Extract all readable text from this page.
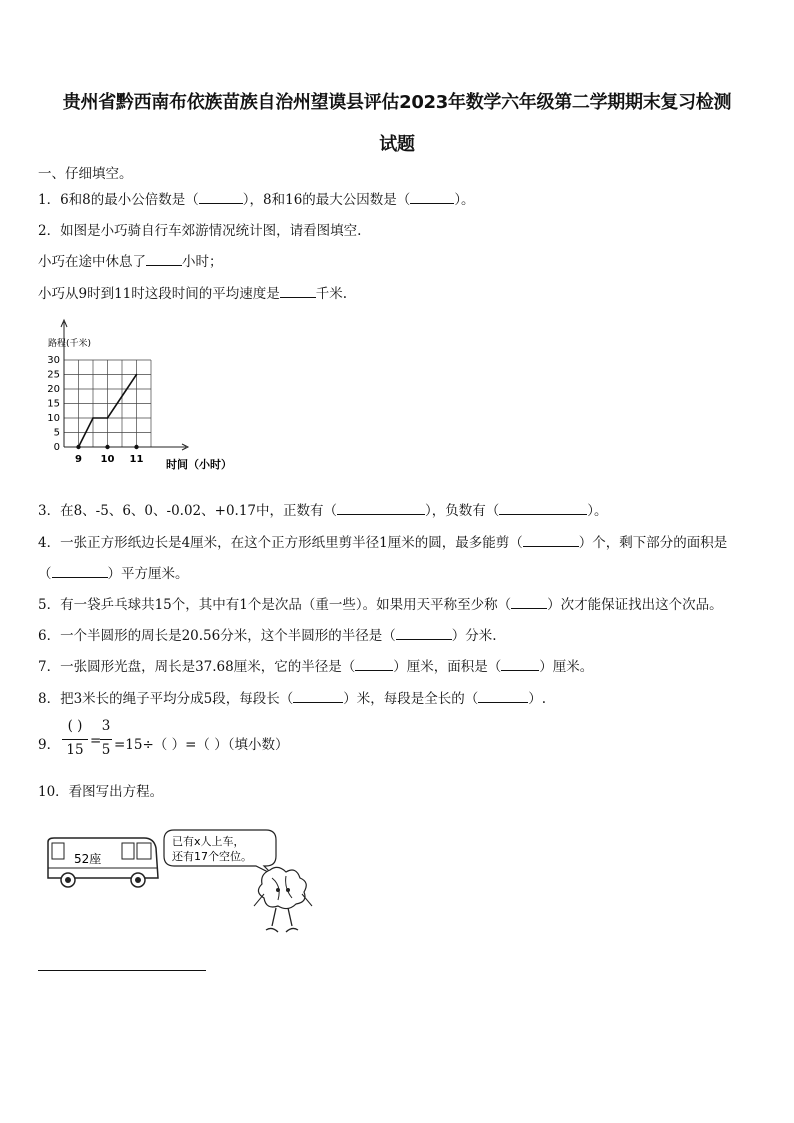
贵州省黔西南布依族苗族自治州望谟县评估2023年数学六年级第二学期期末复习检测
试题
一、仔细填空。
1．6和8的最小公倍数是（	），8和16的最大公因数是（	）。
2．如图是小巧骑自行车郊游情况统计图，请看图填空.
小巧在途中休息了	小时；
小巧从9时到11时这段时间的平均速度是	千米.
0
5
10
15
20
25
30
9 10 11
路程(千米)
时间（小时）
3．在8、-5、6、0、-0.02、+0.17中，正数有（	），负数有（	）。
4．一张正方形纸边长是4厘米，在这个正方形纸里剪半径1厘米的圆，最多能剪（	）个，剩下部分的面积是
（	）平方厘米。
5．有一袋乒乓球共15个，其中有1个是次品（重一些）。如果用天平称至少称（	）次才能保证找出这个次品。
6．一个半圆形的周长是20.56分米，这个半圆形的半径是（	）分米.
7．一张圆形光盘，周长是37.68厘米，它的半径是（	）厘米，面积是（	）厘米。
8．把3米长的绳子平均分成5段，每段长（	）米，每段是全长的（	）.
9．
( )
15
=
3
5 =15÷（ ）=（ ）（填小数）
10．看图写出方程。
52座
已有x人上车，
还有17个空位。
